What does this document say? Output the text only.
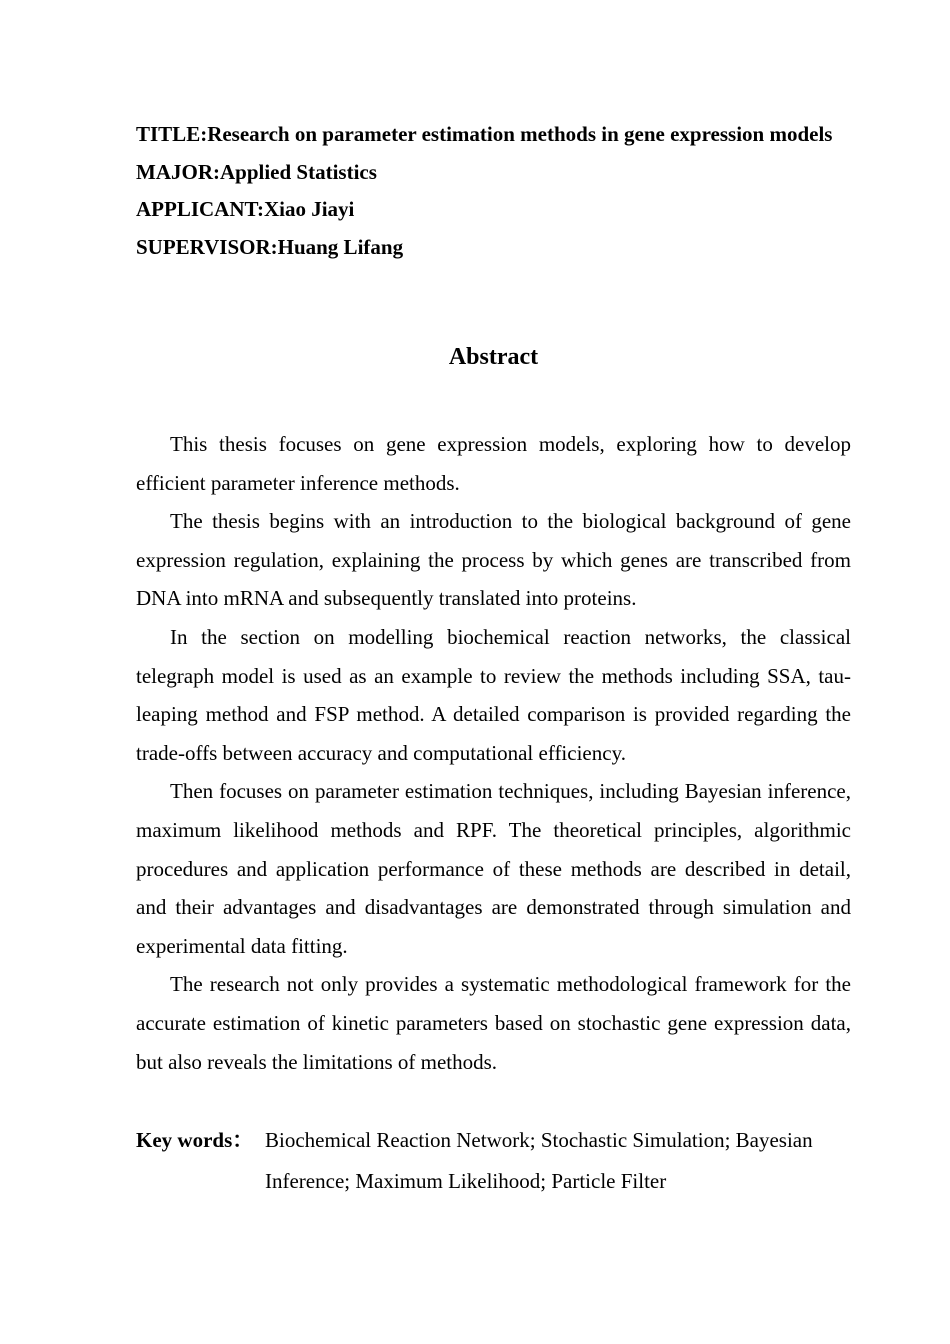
TITLE:Research on parameter estimation methods in gene expression models

MAJOR:Applied Statistics

APPLICANT:Xiao Jiayi

SUPERVISOR:Huang Lifang

Abstract

This thesis focuses on gene expression models, exploring how to develop efficient parameter inference methods.

The thesis begins with an introduction to the biological background of gene expression regulation, explaining the process by which genes are transcribed from DNA into mRNA and subsequently translated into proteins.

In the section on modelling biochemical reaction networks, the classical telegraph model is used as an example to review the methods including SSA, tau-leaping method and FSP method. A detailed comparison is provided regarding the trade-offs between accuracy and computational efficiency.

Then focuses on parameter estimation techniques, including Bayesian inference, maximum likelihood methods and RPF. The theoretical principles, algorithmic procedures and application performance of these methods are described in detail, and their advantages and disadvantages are demonstrated through simulation and experimental data fitting.

The research not only provides a systematic methodological framework for the accurate estimation of kinetic parameters based on stochastic gene expression data, but also reveals the limitations of methods.

Key words： Biochemical Reaction Network; Stochastic Simulation; Bayesian Inference; Maximum Likelihood; Particle Filter
